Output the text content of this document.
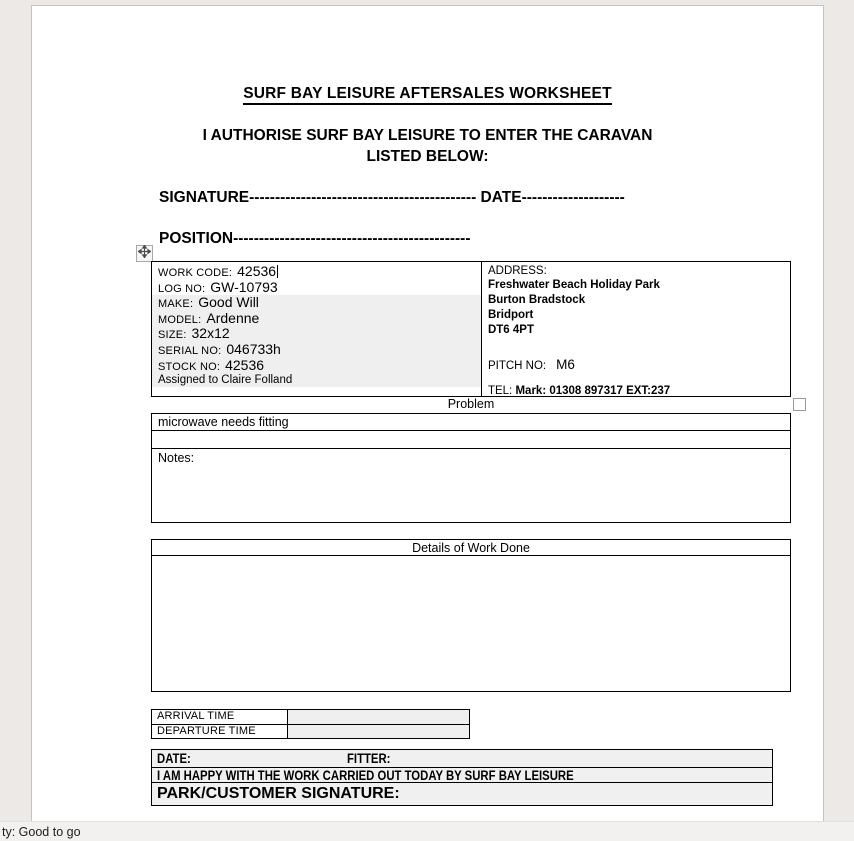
SURF BAY LEISURE AFTERSALES WORKSHEET
I AUTHORISE SURF BAY LEISURE TO ENTER THE CARAVAN
LISTED BELOW:
SIGNATURE-------------------------------------------- DATE--------------------
POSITION----------------------------------------------
WORK CODE: 42536
LOG NO: GW-10793
MAKE: Good Will
MODEL: Ardenne
SIZE: 32x12
SERIAL NO: 046733h
STOCK NO: 42536
Assigned to Claire Folland
ADDRESS:
Freshwater Beach Holiday Park
Burton Bradstock
Bridport
DT6 4PT
PITCH NO: M6
TEL: Mark: 01308 897317 EXT:237
Problem
microwave needs fitting
Notes:
Details of Work Done
ARRIVAL TIME
DEPARTURE TIME
DATE:	FITTER:
I AM HAPPY WITH THE WORK CARRIED OUT TODAY BY SURF BAY LEISURE
PARK/CUSTOMER SIGNATURE:
ty: Good to go
